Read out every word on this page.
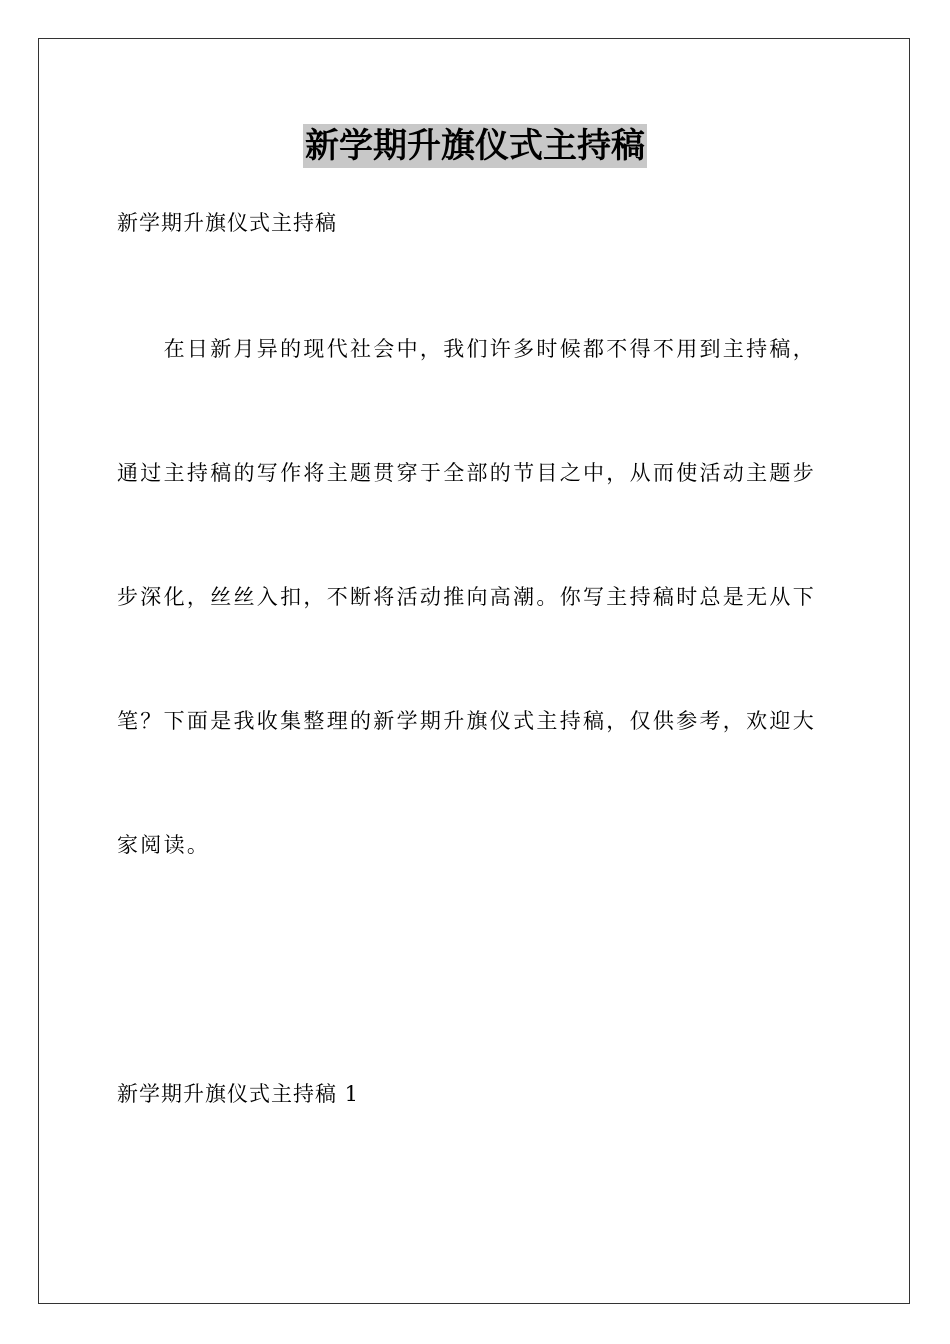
新学期升旗仪式主持稿
新学期升旗仪式主持稿
　　在日新月异的现代社会中，我们许多时候都不得不用到主持稿，
通过主持稿的写作将主题贯穿于全部的节目之中，从而使活动主题步
步深化，丝丝入扣，不断将活动推向高潮。你写主持稿时总是无从下
笔？下面是我收集整理的新学期升旗仪式主持稿，仅供参考，欢迎大
家阅读。
新学期升旗仪式主持稿 1
